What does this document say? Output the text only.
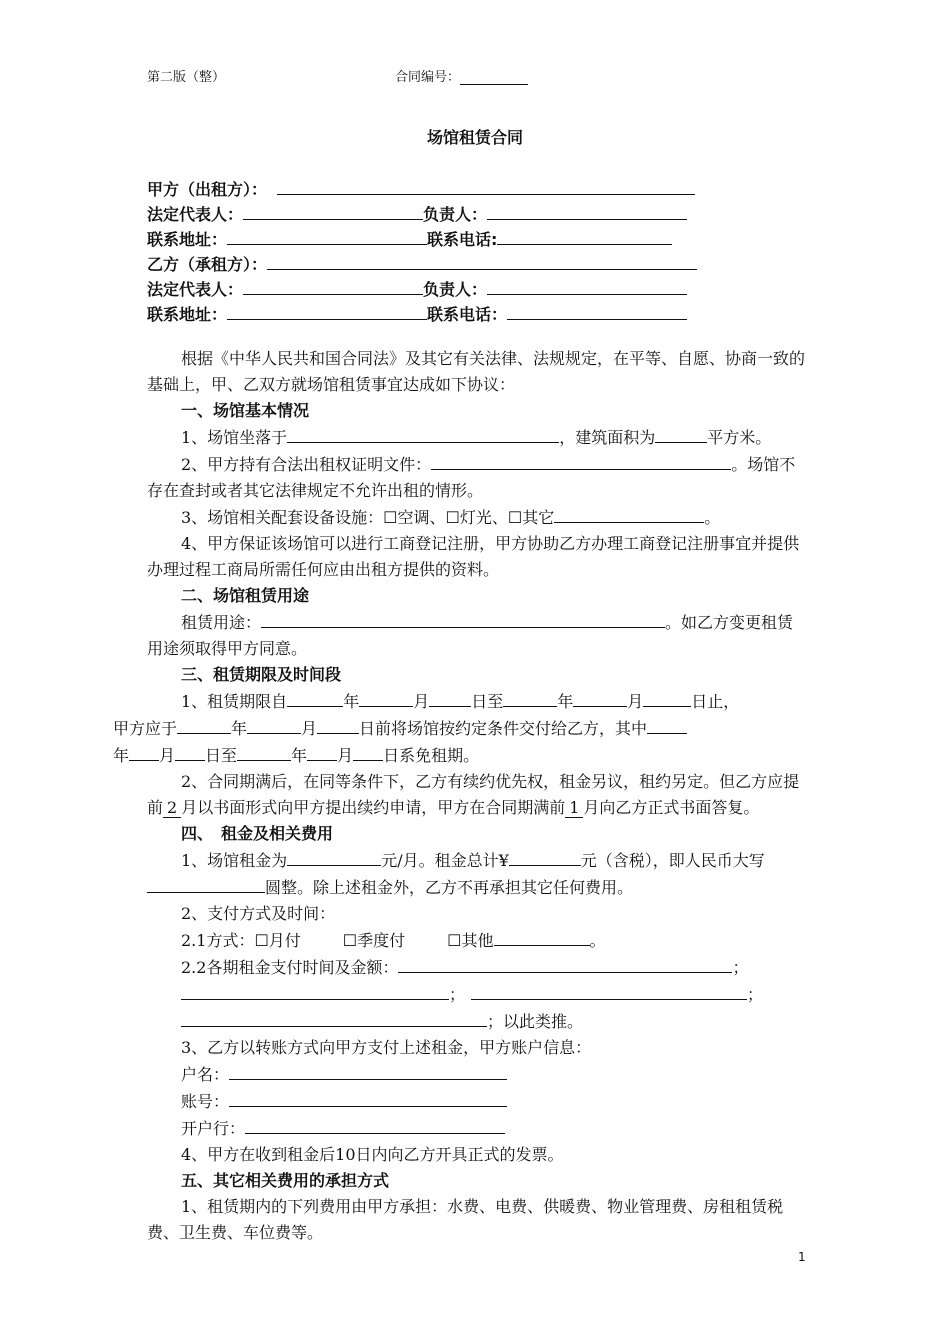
第二版（整）	合同编号：
场馆租赁合同
甲方（出租方）：
法定代表人：	负责人：
联系地址：	联系电话:
乙方（承租方）：
法定代表人：	负责人：
联系地址：	联系电话：

根据《中华人民共和国合同法》及其它有关法律、法规规定，在平等、自愿、协商一致的基础上，甲、乙双方就场馆租赁事宜达成如下协议：

一、场馆基本情况

1、场馆坐落于	，建筑面积为	平方米。

2、甲方持有合法出租权证明文件：	。场馆不存在查封或者其它法律规定不允许出租的情形。

3、场馆相关配套设备设施：☐空调、☐灯光、☐其它	。

4、甲方保证该场馆可以进行工商登记注册，甲方协助乙方办理工商登记注册事宜并提供办理过程工商局所需任何应由出租方提供的资料。

二、场馆租赁用途

租赁用途：	。如乙方变更租赁用途须取得甲方同意。

三、租赁期限及时间段

1、租赁期限自	年	月	日至	年	月	日止，
甲方应于	年	月	日前将场馆按约定条件交付给乙方，其中
年 月 日至	年 月 日系免租期。

2、合同期满后，在同等条件下，乙方有续约优先权，租金另议，租约另定。但乙方应提前 2 月以书面形式向甲方提出续约申请，甲方在合同期满前 1 月向乙方正式书面答复。

四、　租金及相关费用

1、场馆租金为	元/月。租金总计¥	元（含税），即人民币大写圆整。除上述租金外，乙方不再承担其它任何费用。

2、支付方式及时间：

2.1方式：☐月付	☐季度付	☐其他	。

2.2各期租金支付时间及金额：	；

；	；

；以此类推。

3、乙方以转账方式向甲方支付上述租金，甲方账户信息：

户名：

账号：

开户行：

4、甲方在收到租金后10日内向乙方开具正式的发票。

五、其它相关费用的承担方式

1、租赁期内的下列费用由甲方承担：水费、电费、供暖费、物业管理费、房租租赁税费、卫生费、车位费等。

1
